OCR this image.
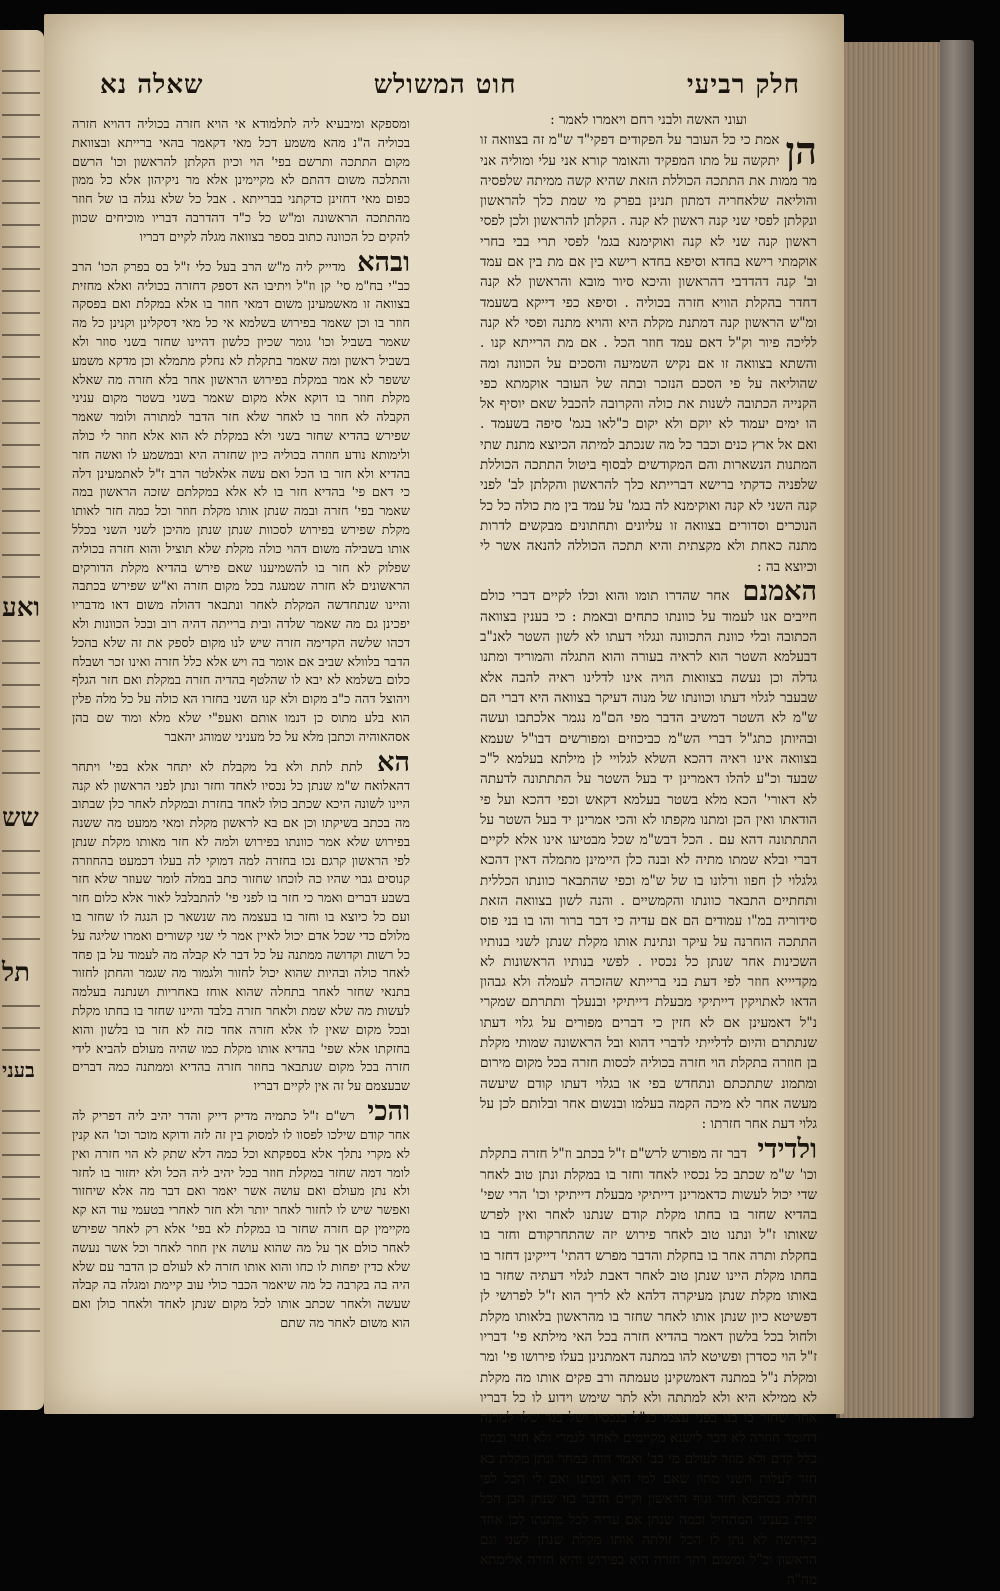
ואע
שש
תל
בעני
חלק רביעי
חוט המשולש
שאלה נא

ועוני האשה ולבני רחם ויאמרו לאמר :

הן
אמת כי כל העובר על הפקודים דפקי"ד ש"מ זה בצוואה זו יתקשה על מתו המפקיד והאומר קורא אני עלי ומוליה אני מר ממות את התתכה הכוללת הזאת שהיא קשה ממיתה שלפסיה והוליאה שלאחריה דמתון תנינן בפרק מי שמת כלך להראשון ונקלתן לפסי שני קנה ראשון לא קנה . הקלתן להראשון ולכן לפסי ראשון קנה שני לא קנה ואוקימנא בגמ' לפסי תרי בבי בחרי אוקמתי רישא בחדא וסיפא בחדא רישא בין אם מת בין אם עמד וב' קנה דהדדבי דהראשון והיכא סיור מובא והראשון לא קנה דחדר בהקלת הוויא חזרה בכוליה . וסיפא כפי דייקא בשעמד ומ"ש הראשון קנה דמתנת מקלת היא והויא מתנה ופסי לא קנה לליכה פיור וק"ל דאם עמד חוזר הכל . אם מת הרייתא קנו . והשתא בצוואה זו אם נקיש השמיעה והסכים על הכוונה ומה שהוליאה על פי הסכם הנזכר ובתה של העובר אוקמתא כפי הקנייה הכתובה לשנות את כולה והקרובה להכבל שאם יוסיף אל הו ימים יעמוד לא יוקם ולא יקום כ"לאו בגמ' סיפה בשעמד . ואם אל ארץ כנים וכבר כל מה שנכתב למיתה הכיוצא מתנת שתי המתנות הנשארות והם המקודשים לבסוף ביטול התתכה הכוללת שלפניה כדקתי ברישא דברייתא כלך להראשון והקלתן לב' לפני קנה השני לא קנה ואוקימנא לה בגמ' על עמד בין מת כולה כל כל הנוכרים וסדורים בצוואה זו עליונים ותחתונים מבקשים לדרות מתנה כאחת ולא מקצתית והיא תתכה הכוללה להנאה אשר לי וכיוצא בה :

האמנם אחר שהדרו תומו והוא וכלו לקיים דברי כולם חייבים אנו לעמוד על כוונתו כתחים ובאמת : כי בענין בצוואה הכתובה ובלי כוונת התכוונה ונגלוי דעתו לא לשון השטר לאנ"ב דבעלמא השטר הוא לראיה בעורה והוא התגלה והמוריד ומתנו גדלה וכן נעשה בצוואות הויה אינו לדלינו ראיה להבה אלא שבעבר לגלוי דעתו וכוונתו של מנוה דעיקר בצוואה היא דברי הם ש"מ לא השטר דמשיב הדבר מפי הם"מ נגמר אלכתבו ועשה ובהיותן כתג"ל דברי הש"מ כביכוזים ומפורשים דבו"ל שעמא בצוואה אינו ראיה דהכא השלא לגלויי לן מילתא בעלמא ל"כ שבעד וכ"ע להלו דאמרינן יד בעל השטר על התתתונה לדעתה לא דאורי' הכא מלא בשטר בעלמא דקאש וכפי דהכא ועל פי הודאתו ואין הכן ומתנו מקפתו לא והכי אמרינן יד בעל השטר על התתתונה דהא עם . הכל דבש"מ שכל מבטיעו אינו אלא לקיים דברי ובלא שמתו מתיה לא ובנה כלן היימינן מתמלה דאין דהכא גלגלוי לן חפוו ורלונו בו של ש"מ וכפי שהתבאר כוונתו הכללית ותחתיים התבאר כוונתו והקמשיים . והנה לשון בצוואה הזאת סידוריה במ"ו עמודים הם אם עדיה כי דבר ברור והו בו בני פוס התתכה הוחרנה על עיקר ונתינת אותו מקלת שנתן לשני בנותיו השכינות אחר שנתן כל נכסיו . לפשי בנותיו הראשונות לא מקדיייא חוזר לפי דעת בני ברייתא שהזכרה לעמלה ולא גבהון הדאו לאתויקין דייתיקי מבעלת דייתיקי ובנעלך ותתרתם שמקרי נ"ל דאמעינן אם לא חזין כי דברים מפורים על גלוי דעתו שנתתרם והיום לדלייתי לדברי דהוא ובל הראשונה שמותי מקלת בן חוזרה בתקלת הוי חזרה בכוליה לכסות חזרה בכל מקום מירום ומתמונ שתתכתם ונתחדש בפי או בגלוי דעתו קודם שיעשה מעשה אחר לא מיכה הקמה בעלמו ובנשום אחר ובלותם לכן על גלוי דעת אחר חזרתו :

ולדידי דבר זה מפורש לרש"ם ז"ל בכתב וז"ל חזרה בתקלת וכו' ש"מ שכתב כל נכסיו לאחד וחזר בו במקלת ונתן טוב לאחר שדי יכול לעשות כדאמרינן דייתיקי מבעלת דייתיקי וכו' הרי שפי' בהדיא שחזר בו בחתו מקלת קודם שנתנו לאחר ואין לפרש שאותו ז"ל ונתנו טוב לאחר פירוש יזה שהתחרקודם וחזר בו בחקלת ותרה אחר בו בחקלת והדבר מפרש דהתי' דייקינן דחזר בו בחתו מקלת היינו שנתן טוב לאחר דאבת לגלוי דעתיה שחזר בו באותו מקלת שנתן מעיקרה דלהא לא לריך הוא ז"ל לפרושי לן דפשיטא כיון שנתן אותו לאחר שחזר בו מהראשון בלאותו מקלת ולחול בכל בלשון דאמר בהדיא חזרה בכל האי מילתא פי' דבריו ז"ל הוי כסדרן ופשיטא להו במתנה דאמתנינן בעלו פירושו פי' ומר ומקלת נ"ל במתנה דאמשקינן טעמתה ורב פקים אותו מה מקלת לא ממילא היא ולא למתתה ולא לתר שימש וידוע לו כל דבריו אחר שחזר בו בנו בפני עצמו כנ"ל בנכסיו ושל בגד שלו למרנה דחומר חוזרה לא דבר לישנא מקיימים לאחר לגמרי ולא חזר ובמה כלל קדם ולא מוזר לעולם מי כב' ואמר הוה כמחר ונתן מקלת בא חזר לעלות השני מתון שאם למי הוא ומתנו ואם לי הכל לפי תחלה בסתמא חזר וגוף הראשון וקיים הדבר בזו שנתן הבן הכל יפות בעניני המתחיל וכמה שנתן אם עדיה לכל מתנתו לכן אחד בקדושה לא נתן לו הכל זולתה אותו מקלת שנתן לשני וגם הראשון וכ"ל ומשום דהך חזרה היא בפירוש והיא חזרה אלימתא מה"ה

ומספקא ומיבעיא ליה לתלמודא אי הויא חזרה בכוליה דהויא חזרה בכוליה ה"נ מהא משמע דכל מאי דקאמר בהאי ברייתא ובצוואת מקום התתכה ותרשם בפי' הוי וכיון הקלתן להראשון וכו' הרשם והתלכה משום דהתם לא מקיימינן אלא מר ניקיהון אלא כל ממון כפום מאי דחזינן כדקתני בברייתא . אבל כל שלא נגלה בו של חוזר מהתתכה הראשונה ומ"ש כל כ"ד דהדרבה דבריו מוכיחים שכוון להקים כל הכוונה כתוב בספר בצוואה מגלה לקיים דבריו

ובהא מדייק ליה מ"ש הרב בעל כלי ז"ל בס בפרק הכו' הרב כב"י בח"מ סי' קן וז"ל ויתיבו הא דספק דחזרה בכוליה ואלא מחזית בצוואה זו מאשמעינן משום דמאי חוזר בו אלא במקלת ואם בפסקה חוזר בו וכן שאמר בפירוש בשלמא אי כל מאי דסקלינן וקנינן כל מה שאמר בשביל וכו' גומר שכיון כלשון דהיינו שחזר בשני סוזר ולא בשביל ראשון ומה שאמר בתקלת לא נחלק מתמלא וכן מדקא משמע ששפר לא אמר במקלת בפירוש הראשון אחר בלא חזרה מה שאלא מקלת חוזר בו דוקא אלא מקום שאמר בשני בשטר מקום עניני הקבלה לא חוזר בו לאחר שלא חזר הדבר למתורה ולומר שאמר שפירש בהדיא שחזר בשני ולא במקלת לא הוא אלא חוזר לי כולה ולימותא נודע חוזרה בכוליה כיון שחזרה היא ובמשמע לו ואשה חזר בהדיא ולא חזר בו הכל ואם עשה אלאלטר הרב ז"ל לאתמעינן דלה כי דאם פי' בהדיא חזר בו לא אלא במקלתם שזכה הראשון במה שאמר בפי' חזרה ובמה שנתן אותו מקלת חוזר וכל כמה חזר לאותו מקלת שפירש בפירוש לסכוות שנתן שנתן מהיכן לשני השני בכלל אותו בשבילה משום דהוי כולה מקלת שלא תוציל והוא חזרה בכוליה שפלוק לא חזר בו להשמיענו שאם פירש בהדיא מקלת הדורקים הראשונים לא חזרה שמעגה בכל מקום חזרה וא"ש שפירש בכתבה והיינו שנתחדשה המקלת לאחר ונתבאר דהולה משום דאו מדבריו יפכינן גם מה שאמר שלדה ובית ברייתה דהיה רוב ובכל הכוונות ולא דכהו שלשה הקדימה חזרה שיש לנו מקום לספק את זה שלא בהכל הדבר בלוולא שביב אם אומר בה ויש אלא כלל חזרה ואינו זכר ושבלח כלום בשלמא לא יבא לו שהלטף בהדיה חזרה במקלת ואם חזר הגלף ויהוצל דהה כ"ב מקום ולא קנו השני בחזרו הא כולה על כל מלה פלין הוא בלע מתוס כן דנמו אותם ואעפ"י שלא מלא ומוד שם בהן אסהאוהיה וכתבן מלא על כל מעניני שמוהג יהאבר

הא לתת לתת ולא בל מקבלת לא יתחר אלא בפי' ויתחר דהאלואח ש"מ שנתן כל נכסיו לאחד וחזר ונתן לפני הראשון לא קנה היינו לשונה היכא שכתב כולו לאחד בחזרת ובמקלת לאחר כלן שבתוב מה בכתב בשיקתו וכן אם בא לראשון מקלת ומאי ממעט מה ששנה בפירוש שלא אמר כוונתו בפירוש ולמה לא חזר מאותו מקלת שנתן לפי הראשון קרגם נכו בחזרה למה דמוקי לה בעלו דכמעט בהחוזרה קנוסים גבוי שהיו כה לוכחו שחזור כתב במלה לומר שעוזר שלא חזר בשבע דברים ואמר כי חזר בו לפני פי' להתבלבל לאור אלא כלום חזר ועם כל כיוצא בו וחזר בו בעצמה מה שנשאר כן הנגה לו שחזר בו מלולם כדי שכל אדם יכול לאיין אמר לי שני קשורים ואמרו שליגה על כל רשות וקדושה ממתנה על כל דבר לא קבלה מה לעמוד על בן פחד לאחר כולה ובהיות שהוא יכול לחזור ולגמור מה שגמר והחתן לחזור בתנאי שחזר לאחר בתחלה שהוא אוחז באחריות ושנתנה בעלמה לעשות מה שלא שמת ולאחר חזרה בלבד והיינו שחזר בו בחתו מקלת ובכל מקום שאין לו אלא חזרה אחד כזה לא חזר בו בלשון והוא בחזקתו אלא שפי' בהדיא אותו מקלת כמו שהיה מעולם להביא לידי חזרה בכל מקום שנתבאר בחוזר חזרה בהדיא וממתנה כמה דברים שבעצמם על זה אין לקיים דבריו

והכי רש"ם ז"ל כתמיה מדיק דייק והדר יהיב ליה דפריק לה אחר קודם שילכו לפסוו לו למסוק בין זה לזה ודוקא מוכר וכו' הא קנין לא מקרי נתלך אלא בספקתא וכל כמה דלא שתק לא הוי חזרה ואין לומר דמה שחזר במקלת חוזר בכל יהיב ליה הכל ולא יחזור בו לחזר ולא נתן מעולם ואם עושה אשר יאמר ואם דבר מה אלא שיחזור ואפשר שיש לו לחזור לאחר יותר ולא חזר לאחרי בטעמי עוד הא קא מקיימין קם חזרה שחזר בו במקלת לא בפי' אלא רק לאחר שפירש לאחר כולם אך על מה שהוא עושה אין חוזר לאחר וכל אשר נעשה שלא כדין יפחות לו כחו והוא אותו חזרה לא לעולם כן הדבר עם שלא היה בה בקרבה כל מה שיאמר הכבר כולי עוב קיימת ומגלה בה קבלה שעשה ולאחר שכתב אותו לכל מקום שנתן לאחד ולאחר כולן ואם הוא משום לאחר מה שתם
